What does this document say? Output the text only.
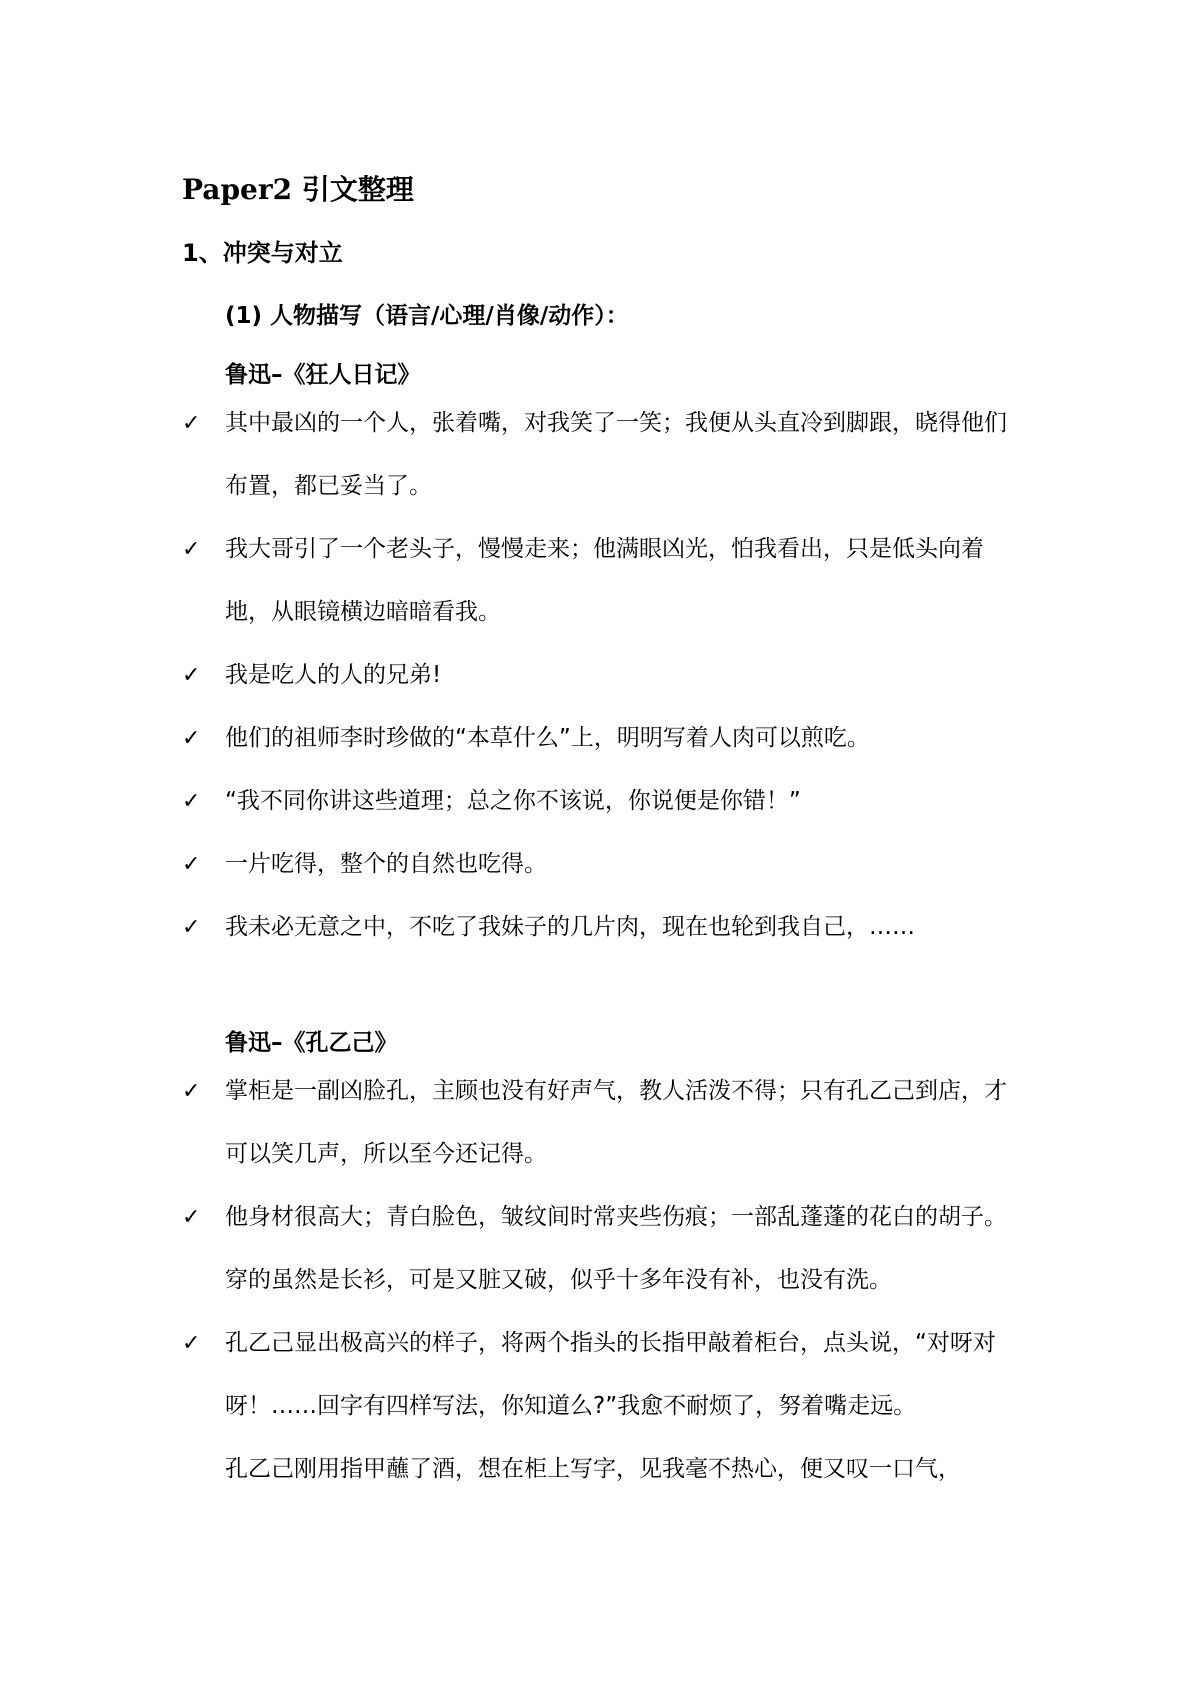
Paper2 引文整理
1、冲突与对立
(1) 人物描写（语言/心理/肖像/动作）：
鲁迅–《狂人日记》
✓	其中最凶的一个人，张着嘴，对我笑了一笑；我便从头直冷到脚跟，晓得他们布置，都已妥当了。
✓	我大哥引了一个老头子，慢慢走来；他满眼凶光，怕我看出，只是低头向着地，从眼镜横边暗暗看我。
✓	我是吃人的人的兄弟!
✓	他们的祖师李时珍做的“本草什么”上，明明写着人肉可以煎吃。
✓	“我不同你讲这些道理；总之你不该说，你说便是你错！”
✓	一片吃得，整个的自然也吃得。
✓	我未必无意之中，不吃了我妹子的几片肉，现在也轮到我自己，……
鲁迅–《孔乙己》
✓	掌柜是一副凶脸孔，主顾也没有好声气，教人活泼不得；只有孔乙己到店，才可以笑几声，所以至今还记得。
✓	他身材很高大；青白脸色，皱纹间时常夹些伤痕；一部乱蓬蓬的花白的胡子。穿的虽然是长衫，可是又脏又破，似乎十多年没有补，也没有洗。
✓	孔乙己显出极高兴的样子，将两个指头的长指甲敲着柜台，点头说，“对呀对呀！……回字有四样写法，你知道么?”我愈不耐烦了，努着嘴走远。
孔乙己刚用指甲蘸了酒，想在柜上写字，见我毫不热心，便又叹一口气，
